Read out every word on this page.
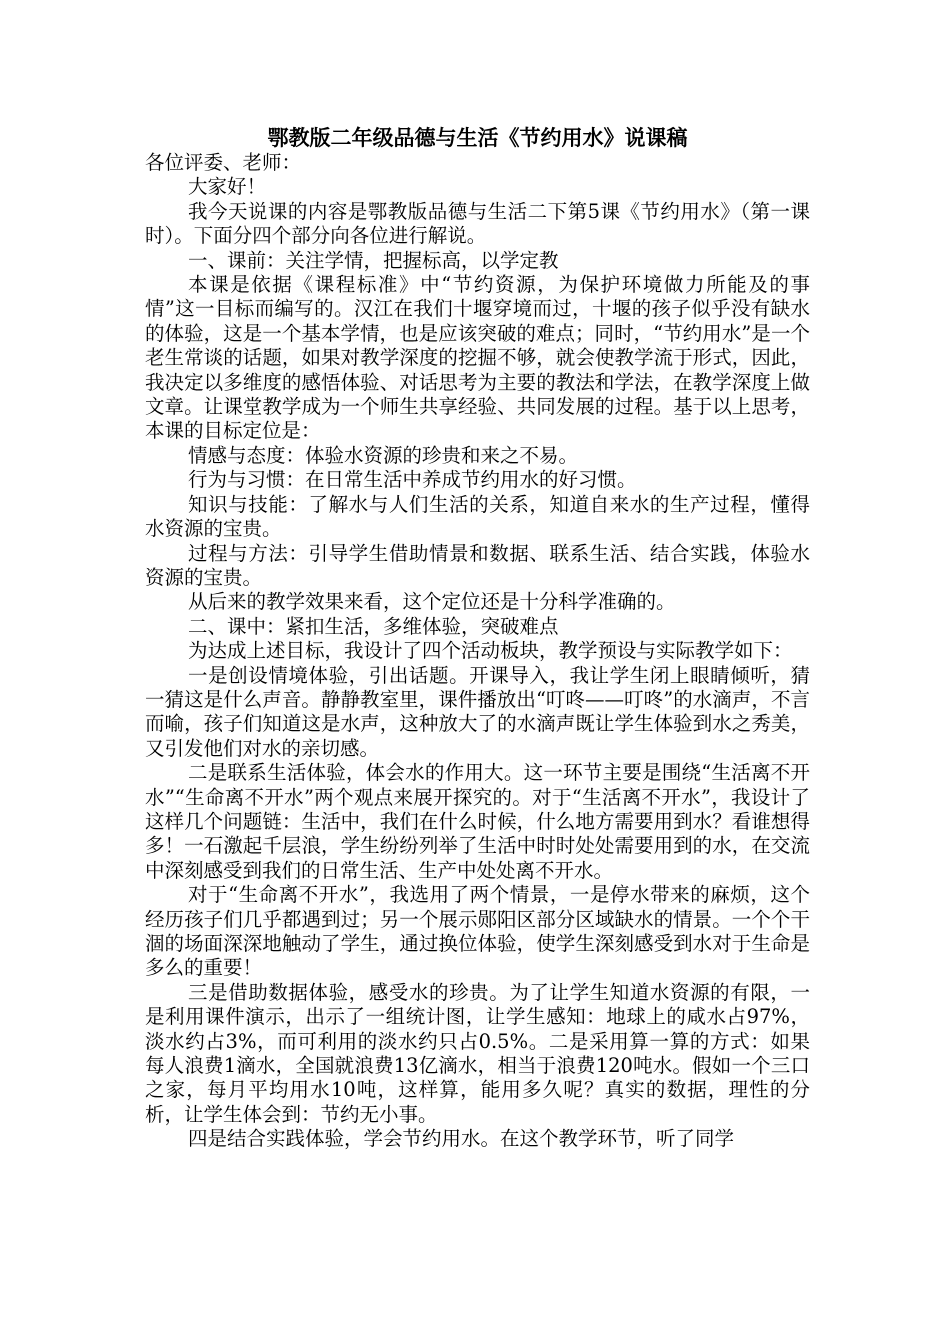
鄂教版二年级品德与生活《节约用水》说课稿

各位评委、老师：

大家好！

我今天说课的内容是鄂教版品德与生活二下第5课《节约用水》（第一课时）。下面分四个部分向各位进行解说。

一、课前：关注学情，把握标高，以学定教

本课是依据《课程标准》中“节约资源，为保护环境做力所能及的事情”这一目标而编写的。汉江在我们十堰穿境而过，十堰的孩子似乎没有缺水的体验，这是一个基本学情，也是应该突破的难点；同时，“节约用水”是一个老生常谈的话题，如果对教学深度的挖掘不够，就会使教学流于形式，因此，我决定以多维度的感悟体验、对话思考为主要的教法和学法，在教学深度上做文章。让课堂教学成为一个师生共享经验、共同发展的过程。基于以上思考，本课的目标定位是：

情感与态度：体验水资源的珍贵和来之不易。

行为与习惯：在日常生活中养成节约用水的好习惯。

知识与技能：了解水与人们生活的关系，知道自来水的生产过程，懂得水资源的宝贵。

过程与方法：引导学生借助情景和数据、联系生活、结合实践，体验水资源的宝贵。

从后来的教学效果来看，这个定位还是十分科学准确的。

二、课中：紧扣生活，多维体验，突破难点

为达成上述目标，我设计了四个活动板块，教学预设与实际教学如下：

一是创设情境体验，引出话题。开课导入，我让学生闭上眼睛倾听，猜一猜这是什么声音。静静教室里，课件播放出“叮咚——叮咚”的水滴声，不言而喻，孩子们知道这是水声，这种放大了的水滴声既让学生体验到水之秀美，又引发他们对水的亲切感。

二是联系生活体验，体会水的作用大。这一环节主要是围绕“生活离不开水”“生命离不开水”两个观点来展开探究的。对于“生活离不开水”，我设计了这样几个问题链：生活中，我们在什么时候，什么地方需要用到水？看谁想得多！一石激起千层浪，学生纷纷列举了生活中时时处处需要用到的水，在交流中深刻感受到我们的日常生活、生产中处处离不开水。

对于“生命离不开水”，我选用了两个情景，一是停水带来的麻烦，这个经历孩子们几乎都遇到过；另一个展示郧阳区部分区域缺水的情景。一个个干涸的场面深深地触动了学生，通过换位体验，使学生深刻感受到水对于生命是多么的重要！

三是借助数据体验，感受水的珍贵。为了让学生知道水资源的有限，一是利用课件演示，出示了一组统计图，让学生感知：地球上的咸水占97%，淡水约占3%，而可利用的淡水约只占0.5%。二是采用算一算的方式：如果每人浪费1滴水，全国就浪费13亿滴水，相当于浪费120吨水。假如一个三口之家，每月平均用水10吨，这样算，能用多久呢？真实的数据，理性的分析，让学生体会到：节约无小事。

四是结合实践体验，学会节约用水。在这个教学环节，听了同学
